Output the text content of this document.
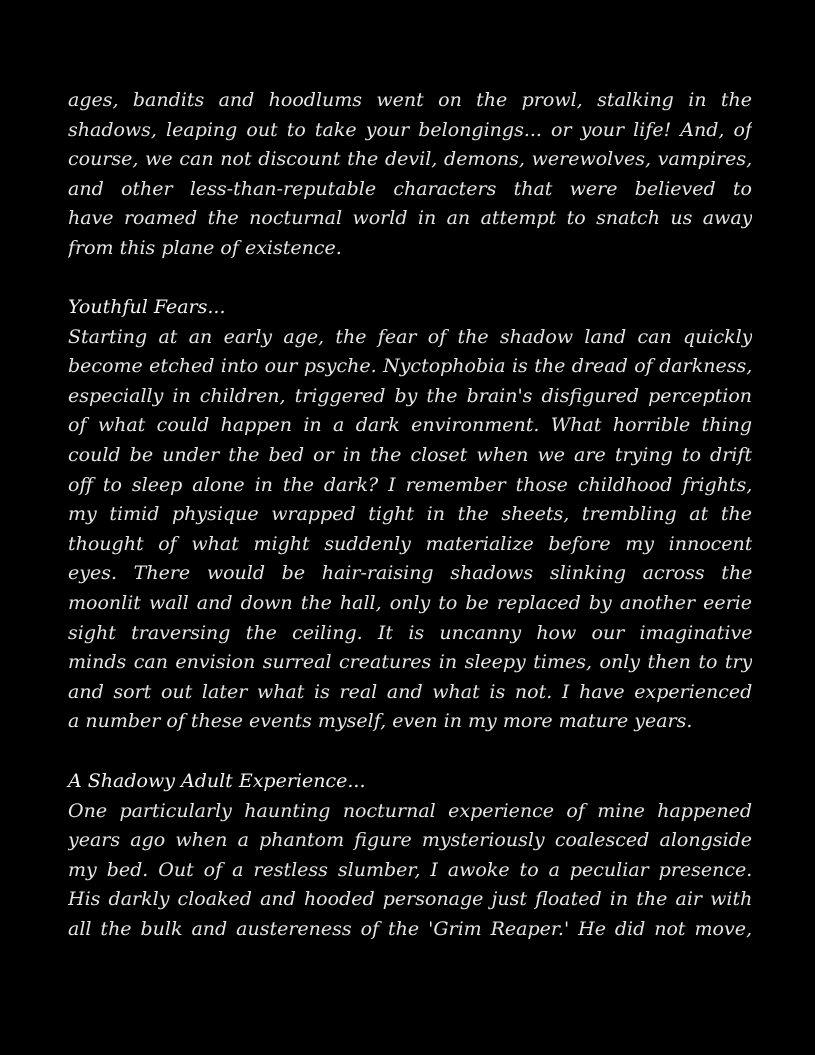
ages, bandits and hoodlums went on the prowl, stalking in the
shadows, leaping out to take your belongings... or your life! And, of
course, we can not discount the devil, demons, werewolves, vampires,
and other less-than-reputable characters that were believed to
have roamed the nocturnal world in an attempt to snatch us away
from this plane of existence.
Youthful Fears...
Starting at an early age, the fear of the shadow land can quickly
become etched into our psyche. Nyctophobia is the dread of darkness,
especially in children, triggered by the brain's disfigured perception
of what could happen in a dark environment. What horrible thing
could be under the bed or in the closet when we are trying to drift
off to sleep alone in the dark? I remember those childhood frights,
my timid physique wrapped tight in the sheets, trembling at the
thought of what might suddenly materialize before my innocent
eyes. There would be hair-raising shadows slinking across the
moonlit wall and down the hall, only to be replaced by another eerie
sight traversing the ceiling. It is uncanny how our imaginative
minds can envision surreal creatures in sleepy times, only then to try
and sort out later what is real and what is not. I have experienced
a number of these events myself, even in my more mature years.
A Shadowy Adult Experience...
One particularly haunting nocturnal experience of mine happened
years ago when a phantom figure mysteriously coalesced alongside
my bed. Out of a restless slumber, I awoke to a peculiar presence.
His darkly cloaked and hooded personage just floated in the air with
all the bulk and austereness of the 'Grim Reaper.' He did not move,
